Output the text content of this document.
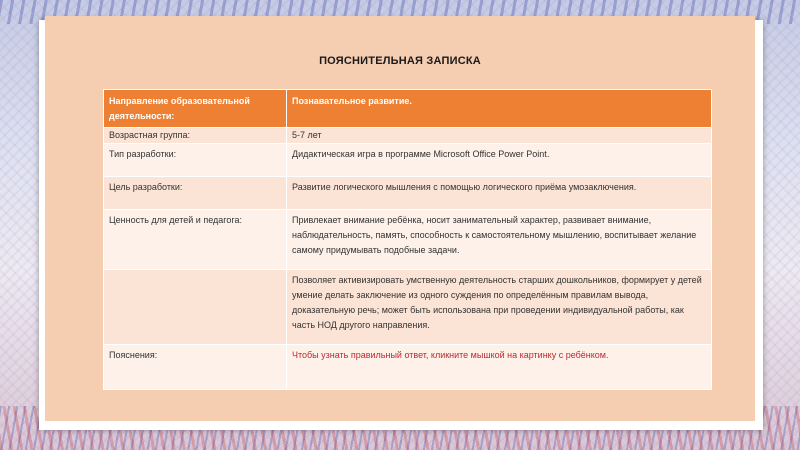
ПОЯСНИТЕЛЬНАЯ ЗАПИСКА
Направление образовательной деятельности:	Познавательное развитие.
Возрастная группа:	5-7 лет
Тип разработки:	Дидактическая игра в программе Microsoft Office Power Point.
Цель разработки:	Развитие логического мышления с помощью логического приёма умозаключения.
Ценность для детей и педагога:	Привлекает внимание ребёнка, носит занимательный характер, развивает внимание, наблюдательность, память, способность к самостоятельному мышлению, воспитывает желание самому придумывать подобные задачи.
	Позволяет активизировать умственную деятельность старших дошкольников, формирует у детей умение делать заключение из одного суждения по определённым правилам вывода, доказательную речь; может быть использована при проведении индивидуальной работы, как часть НОД другого направления.
Пояснения:	Чтобы узнать правильный ответ, кликните мышкой на картинку с ребёнком.
